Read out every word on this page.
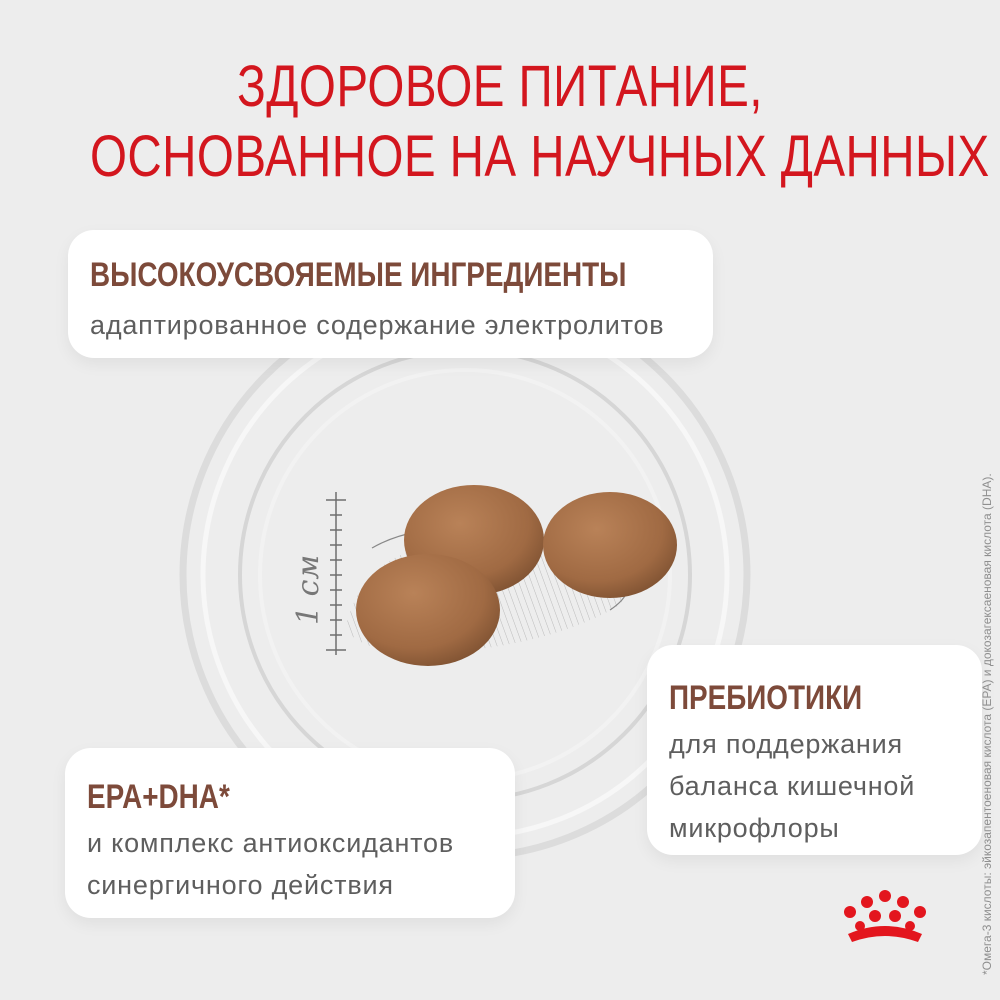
ЗДОРОВОЕ ПИТАНИЕ,
ОСНОВАННОЕ НА НАУЧНЫХ ДАННЫХ
1 см
ВЫСОКОУСВОЯЕМЫЕ ИНГРЕДИЕНТЫ
адаптированное содержание электролитов
ПРЕБИОТИКИ
для поддержания
баланса кишечной
микрофлоры
EPA+DHA*
и комплекс антиоксидантов
синергичного действия	*Омега-3 кислоты: эйкозапентоеновая кислота (EPA) и докозагексаеновая кислота (DHA).
